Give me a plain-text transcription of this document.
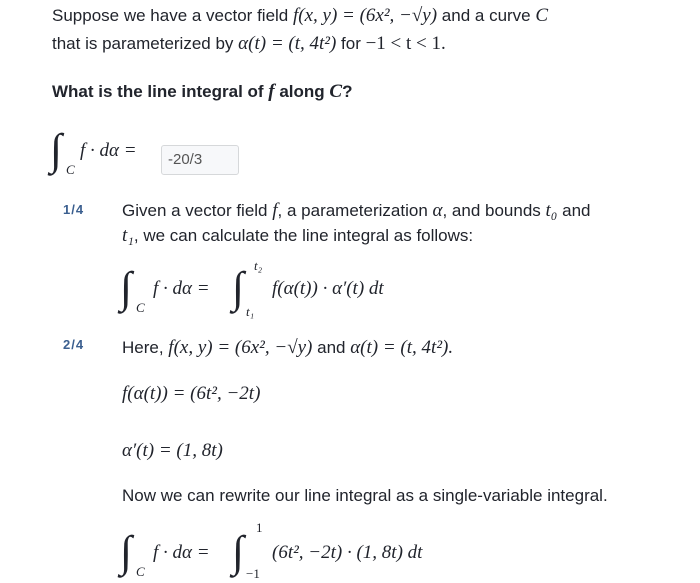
Suppose we have a vector field f(x, y) = (6x², −√y) and a curve C
that is parameterized by α(t) = (t, 4t²) for −1 < t < 1.
What is the line integral of f along C?
∫ C
f · dα =	-20/3
1/4 Given a vector field f, a parameterization α, and bounds t₀ and
t₁, we can calculate the line integral as follows:
∫ C
f · dα = ∫ t₂
t₁
f(α(t)) · α′(t) dt
2/4 Here, f(x, y) = (6x², −√y) and α(t) = (t, 4t²).
f(α(t)) = (6t², −2t)
α′(t) = (1, 8t)
Now we can rewrite our line integral as a single-variable integral.
∫ C
f · dα = ∫ 1
−1
(6t², −2t) · (1, 8t) dt
